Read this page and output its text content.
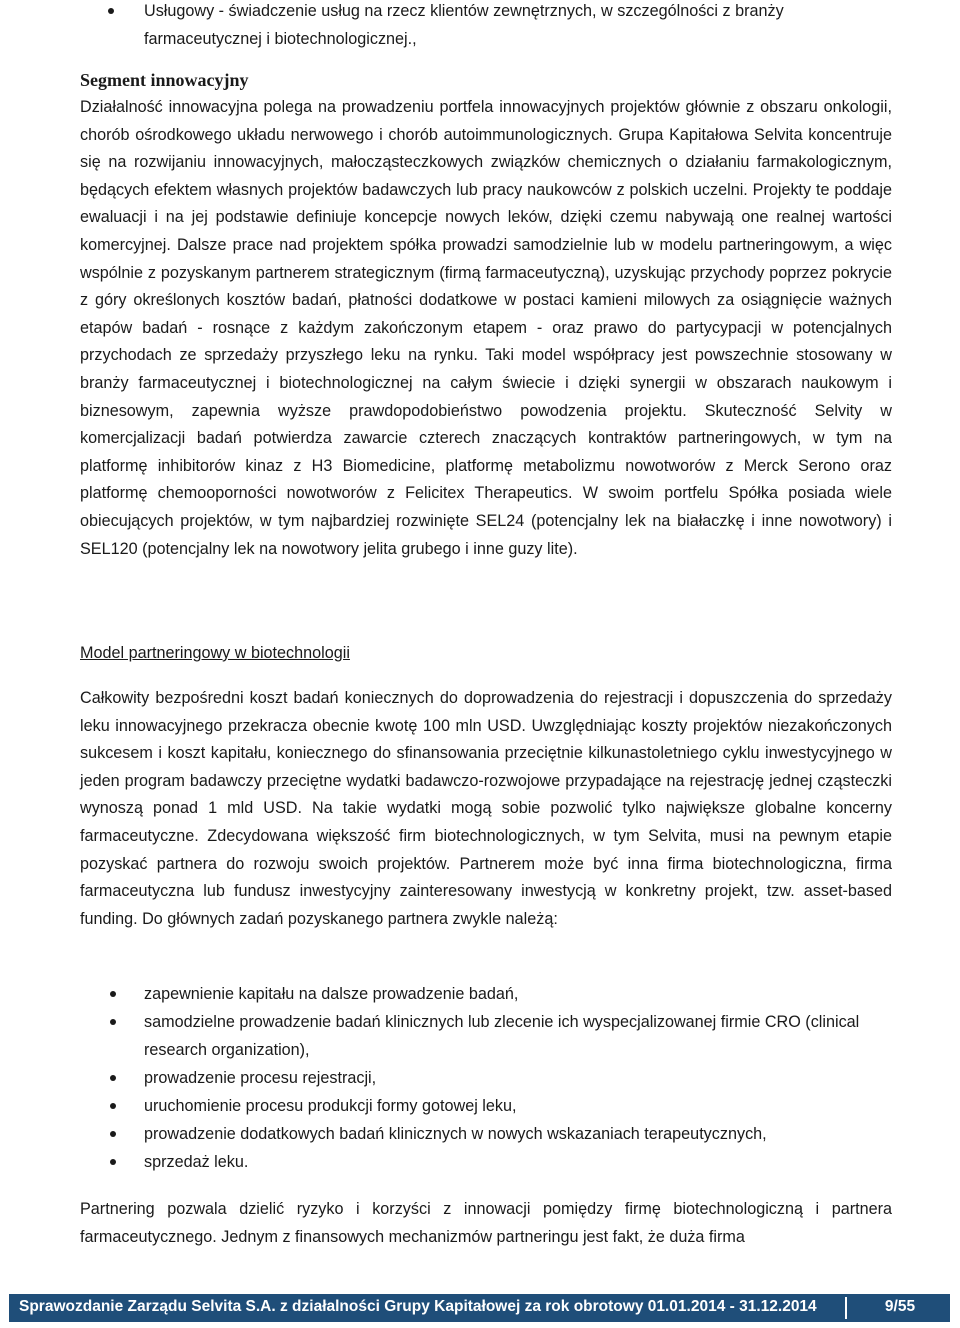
Usługowy - świadczenie usług na rzecz klientów zewnętrznych, w szczególności z branży farmaceutycznej i biotechnologicznej.,
Segment innowacyjny

Działalność innowacyjna polega na prowadzeniu portfela innowacyjnych projektów głównie z obszaru onkologii, chorób ośrodkowego układu nerwowego i chorób autoimmunologicznych. Grupa Kapitałowa Selvita koncentruje się na rozwijaniu innowacyjnych, małocząsteczkowych związków chemicznych o działaniu farmakologicznym, będących efektem własnych projektów badawczych lub pracy naukowców z polskich uczelni. Projekty te poddaje ewaluacji i na jej podstawie definiuje koncepcje nowych leków, dzięki czemu nabywają one realnej wartości komercyjnej. Dalsze prace nad projektem spółka prowadzi samodzielnie lub w modelu partneringowym, a więc wspólnie z pozyskanym partnerem strategicznym (firmą farmaceutyczną), uzyskując przychody poprzez pokrycie z góry określonych kosztów badań, płatności dodatkowe w postaci kamieni milowych za osiągnięcie ważnych etapów badań - rosnące z każdym zakończonym etapem - oraz prawo do partycypacji w potencjalnych przychodach ze sprzedaży przyszłego leku na rynku. Taki model współpracy jest powszechnie stosowany w branży farmaceutycznej i biotechnologicznej na całym świecie i dzięki synergii w obszarach naukowym i biznesowym, zapewnia wyższe prawdopodobieństwo powodzenia projektu. Skuteczność Selvity w komercjalizacji badań potwierdza zawarcie czterech znaczących kontraktów partneringowych, w tym na platformę inhibitorów kinaz z H3 Biomedicine, platformę metabolizmu nowotworów z Merck Serono oraz platformę chemooporności nowotworów z Felicitex Therapeutics. W swoim portfelu Spółka posiada wiele obiecujących projektów, w tym najbardziej rozwinięte SEL24 (potencjalny lek na białaczkę i inne nowotwory) i SEL120 (potencjalny lek na nowotwory jelita grubego i inne guzy lite).

Model partneringowy w biotechnologii

Całkowity bezpośredni koszt badań koniecznych do doprowadzenia do rejestracji i dopuszczenia do sprzedaży leku innowacyjnego przekracza obecnie kwotę 100 mln USD. Uwzględniając koszty projektów niezakończonych sukcesem i koszt kapitału, koniecznego do sfinansowania przeciętnie kilkunastoletniego cyklu inwestycyjnego w jeden program badawczy przeciętne wydatki badawczo-rozwojowe przypadające na rejestrację jednej cząsteczki wynoszą ponad 1 mld USD. Na takie wydatki mogą sobie pozwolić tylko największe globalne koncerny farmaceutyczne. Zdecydowana większość firm biotechnologicznych, w tym Selvita, musi na pewnym etapie pozyskać partnera do rozwoju swoich projektów. Partnerem może być inna firma biotechnologiczna, firma farmaceutyczna lub fundusz inwestycyjny zainteresowany inwestycją w konkretny projekt, tzw. asset-based funding. Do głównych zadań pozyskanego partnera zwykle należą:

zapewnienie kapitału na dalsze prowadzenie badań,
samodzielne prowadzenie badań klinicznych lub zlecenie ich wyspecjalizowanej firmie CRO (clinical research organization),
prowadzenie procesu rejestracji,
uruchomienie procesu produkcji formy gotowej leku,
prowadzenie dodatkowych badań klinicznych w nowych wskazaniach terapeutycznych,
sprzedaż leku.

Partnering pozwala dzielić ryzyko i korzyści z innowacji pomiędzy firmę biotechnologiczną i partnera farmaceutycznego. Jednym z finansowych mechanizmów partneringu jest fakt, że duża firma

Sprawozdanie Zarządu Selvita S.A. z działalności Grupy Kapitałowej za rok obrotowy 01.01.2014 - 31.12.2014	9/55
